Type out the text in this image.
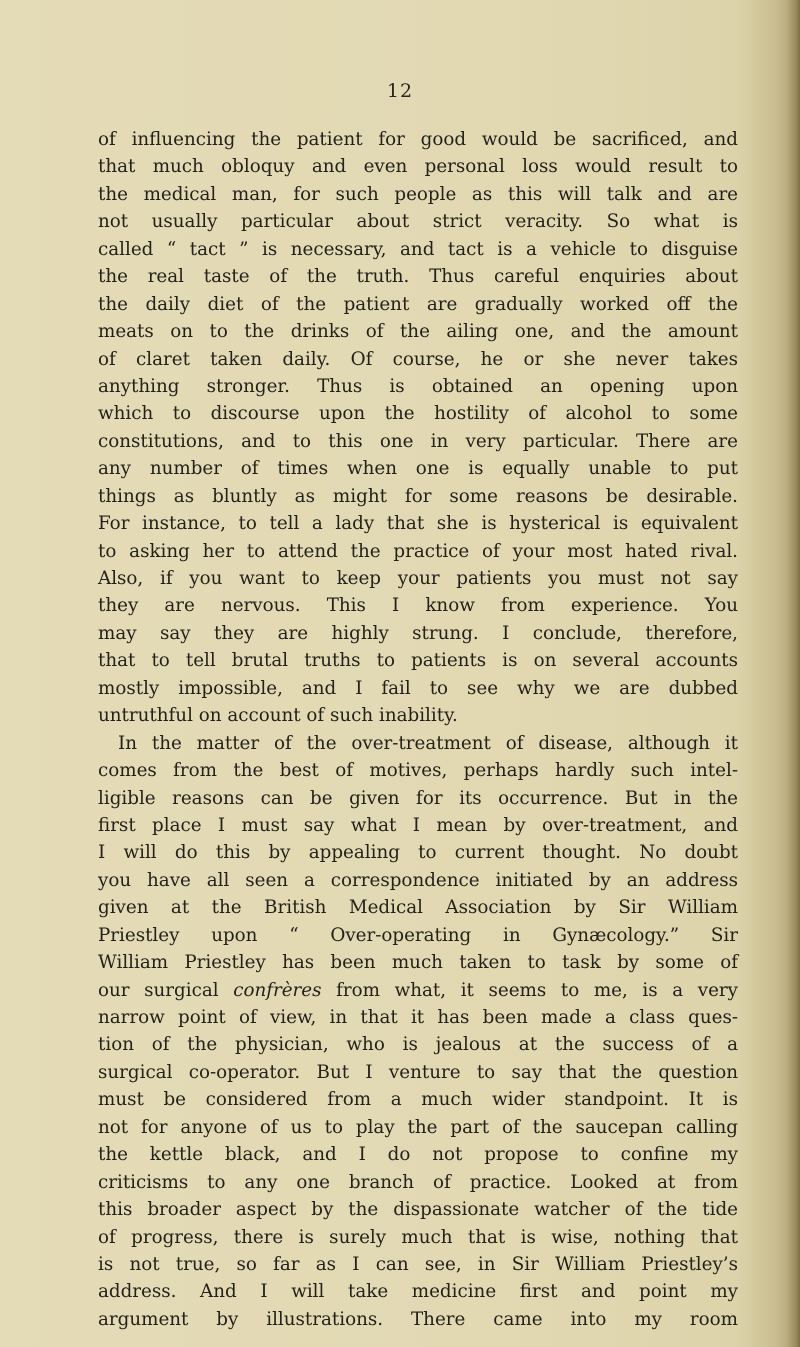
12
of influencing the patient for good would be sacrificed, and
that much obloquy and even personal loss would result to
the medical man, for such people as this will talk and are
not usually particular about strict veracity. So what is
called “ tact ” is necessary, and tact is a vehicle to disguise
the real taste of the truth. Thus careful enquiries about
the daily diet of the patient are gradually worked off the
meats on to the drinks of the ailing one, and the amount
of claret taken daily. Of course, he or she never takes
anything stronger. Thus is obtained an opening upon
which to discourse upon the hostility of alcohol to some
constitutions, and to this one in very particular. There are
any number of times when one is equally unable to put
things as bluntly as might for some reasons be desirable.
For instance, to tell a lady that she is hysterical is equivalent
to asking her to attend the practice of your most hated rival.
Also, if you want to keep your patients you must not say
they are nervous. This I know from experience. You
may say they are highly strung. I conclude, therefore,
that to tell brutal truths to patients is on several accounts
mostly impossible, and I fail to see why we are dubbed
untruthful on account of such inability.
In the matter of the over-treatment of disease, although it
comes from the best of motives, perhaps hardly such intel-
ligible reasons can be given for its occurrence. But in the
first place I must say what I mean by over-treatment, and
I will do this by appealing to current thought. No doubt
you have all seen a correspondence initiated by an address
given at the British Medical Association by Sir William
Priestley upon “ Over-operating in Gynæcology.” Sir
William Priestley has been much taken to task by some of
our surgical confrères from what, it seems to me, is a very
narrow point of view, in that it has been made a class ques-
tion of the physician, who is jealous at the success of a
surgical co-operator. But I venture to say that the question
must be considered from a much wider standpoint. It is
not for anyone of us to play the part of the saucepan calling
the kettle black, and I do not propose to confine my
criticisms to any one branch of practice. Looked at from
this broader aspect by the dispassionate watcher of the tide
of progress, there is surely much that is wise, nothing that
is not true, so far as I can see, in Sir William Priestley’s
address. And I will take medicine first and point my
argument by illustrations. There came into my room
